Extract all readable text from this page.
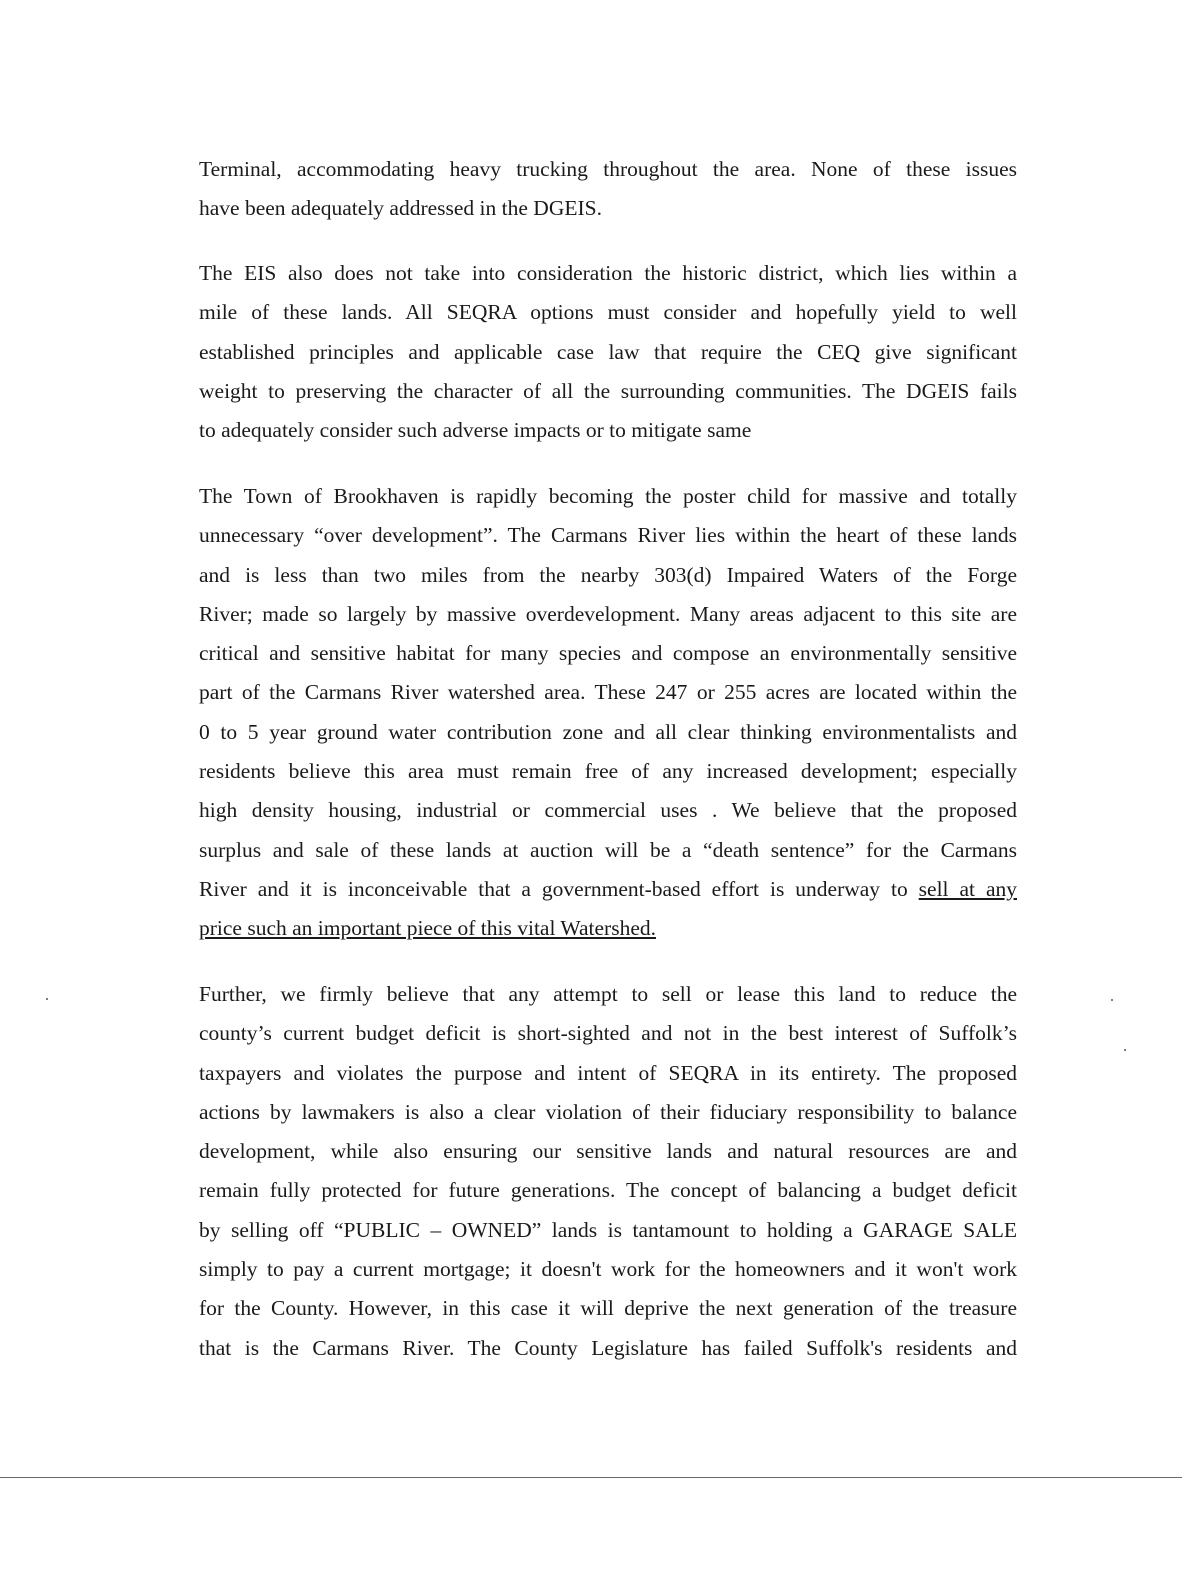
Terminal, accommodating heavy trucking throughout the area. None of these issues
have been adequately addressed in the DGEIS.
The EIS also does not take into consideration the historic district, which lies within a
mile of these lands. All SEQRA options must consider and hopefully yield to well
established principles and applicable case law that require the CEQ give significant
weight to preserving the character of all the surrounding communities. The DGEIS fails
to adequately consider such adverse impacts or to mitigate same
The Town of Brookhaven is rapidly becoming the poster child for massive and totally
unnecessary “over development”. The Carmans River lies within the heart of these lands
and is less than two miles from the nearby 303(d) Impaired Waters of the Forge
River; made so largely by massive overdevelopment. Many areas adjacent to this site are
critical and sensitive habitat for many species and compose an environmentally sensitive
part of the Carmans River watershed area. These 247 or 255 acres are located within the
0 to 5 year ground water contribution zone and all clear thinking environmentalists and
residents believe this area must remain free of any increased development; especially
high density housing, industrial or commercial uses . We believe that the proposed
surplus and sale of these lands at auction will be a “death sentence” for the Carmans
River and it is inconceivable that a government-based effort is underway to sell at any
price such an important piece of this vital Watershed.
Further, we firmly believe that any attempt to sell or lease this land to reduce the
county’s current budget deficit is short-sighted and not in the best interest of Suffolk’s
taxpayers and violates the purpose and intent of SEQRA in its entirety. The proposed
actions by lawmakers is also a clear violation of their fiduciary responsibility to balance
development, while also ensuring our sensitive lands and natural resources are and
remain fully protected for future generations. The concept of balancing a budget deficit
by selling off “PUBLIC – OWNED” lands is tantamount to holding a GARAGE SALE
simply to pay a current mortgage; it doesn't work for the homeowners and it won't work
for the County. However, in this case it will deprive the next generation of the treasure
that is the Carmans River. The County Legislature has failed Suffolk's residents and
